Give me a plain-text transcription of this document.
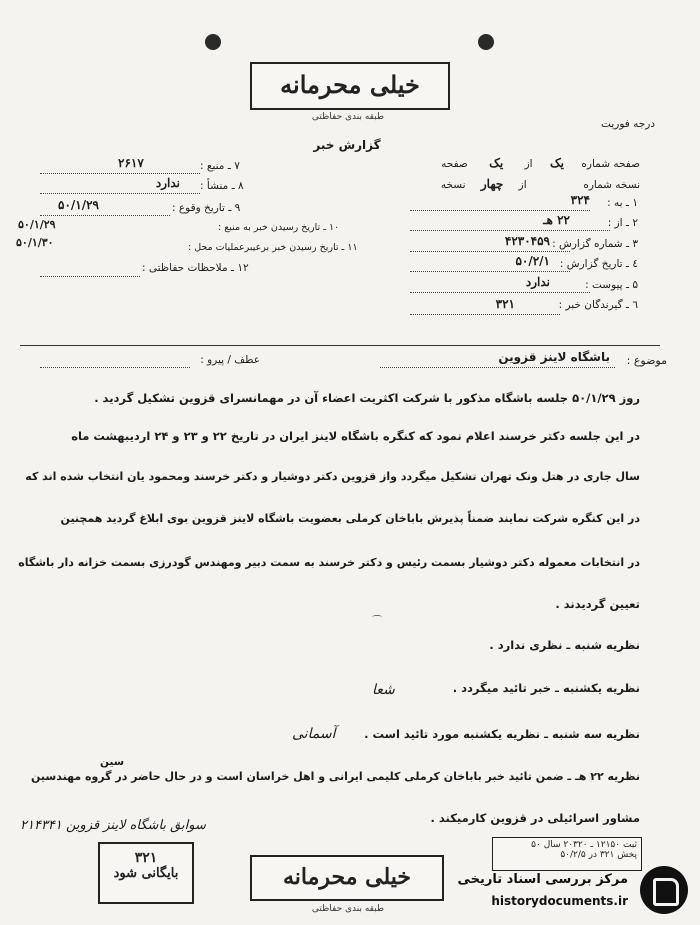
خیلی محرمانه
طبقه بندی حفاظتی
درجه فوریت
گزارش خبر
صفحه شماره یک از یک صفحه
نسخه شماره  از چهار نسخه
۱ ـ به :
۳۲۴
۲ ـ از :
۲۲ هـ
۳ ـ شماره گزارش :
۴۲۳۰۴۵۹
٤ ـ تاریخ گزارش :
۵۰/۲/۱
۵ ـ پیوست :
ندارد
٦ ـ گیرندگان خبر :
۳۲۱
۷ ـ منبع :
۲۶۱۷
۸ ـ منشأ :
ندارد
۹ ـ تاریخ وقوع :
۵۰/۱/۲۹
۱۰ ـ تاریخ رسیدن خبر به منبع :
۵۰/۱/۲۹
۱۱ ـ تاریخ رسیدن خبر برعیبرعملیات محل :
۵۰/۱/۳۰
۱۲ ـ ملاحظات حفاظتی :
موضوع :
باشگاه لاینز قزوین
عطف / پیرو :
روز ۵۰/۱/۲۹ جلسه باشگاه مذکور با شرکت اکثریت اعضاء آن در مهمانسرای قزوین تشکیل گردید .
در این جلسه دکتر خرسند اعلام نمود که کنگره باشگاه لاینز ایران در تاریخ ۲۲ و ۲۳ و ۲۴ اردیبهشت ماه
سال جاری در هتل ونک تهران تشکیل میگردد واز قزوین دکتر دوشیار و دکتر خرسند ومحمود یان انتخاب شده اند که
در این کنگره شرکت نمایند ضمناً پذیرش باباخان کرملی بعضویت باشگاه لاینز قزوین بوی ابلاغ گردید همچنین
در انتخابات معموله دکتر دوشیار بسمت رئیس و دکتر خرسند به سمت دبیر ومهندس گودرزی بسمت خزانه دار باشگاه
تعیین گردیدند .
⌒
نظریه شنبه ـ نظری ندارد .
نظریه یکشنبه ـ خبر تائید میگردد .
شعا
نظریه سه شنبه ـ نظریه یکشنبه مورد تائید است .
آسمانی
سین
نظریه ۲۲ هـ ـ ضمن تائید خبر باباخان کرملی کلیمی ایرانی و اهل خراسان است و در حال حاضر در گروه مهندسین
مشاور اسرائیلی در قزوین کارمیکند .
سوابق باشگاه لاینز قزوین ۲۱۴۳۴۱
۳۲۱
بایگانی شود	خیلی محرمانه
طبقه بندی حفاظتی
ثبت ۱۲۱۵۰ ـ ۲۰۳۲۰ سال ۵۰
پخش ۳۲۱ در ۵۰/۲/۵
مرکز بررسی اسناد تاریخی
historydocuments.ir
